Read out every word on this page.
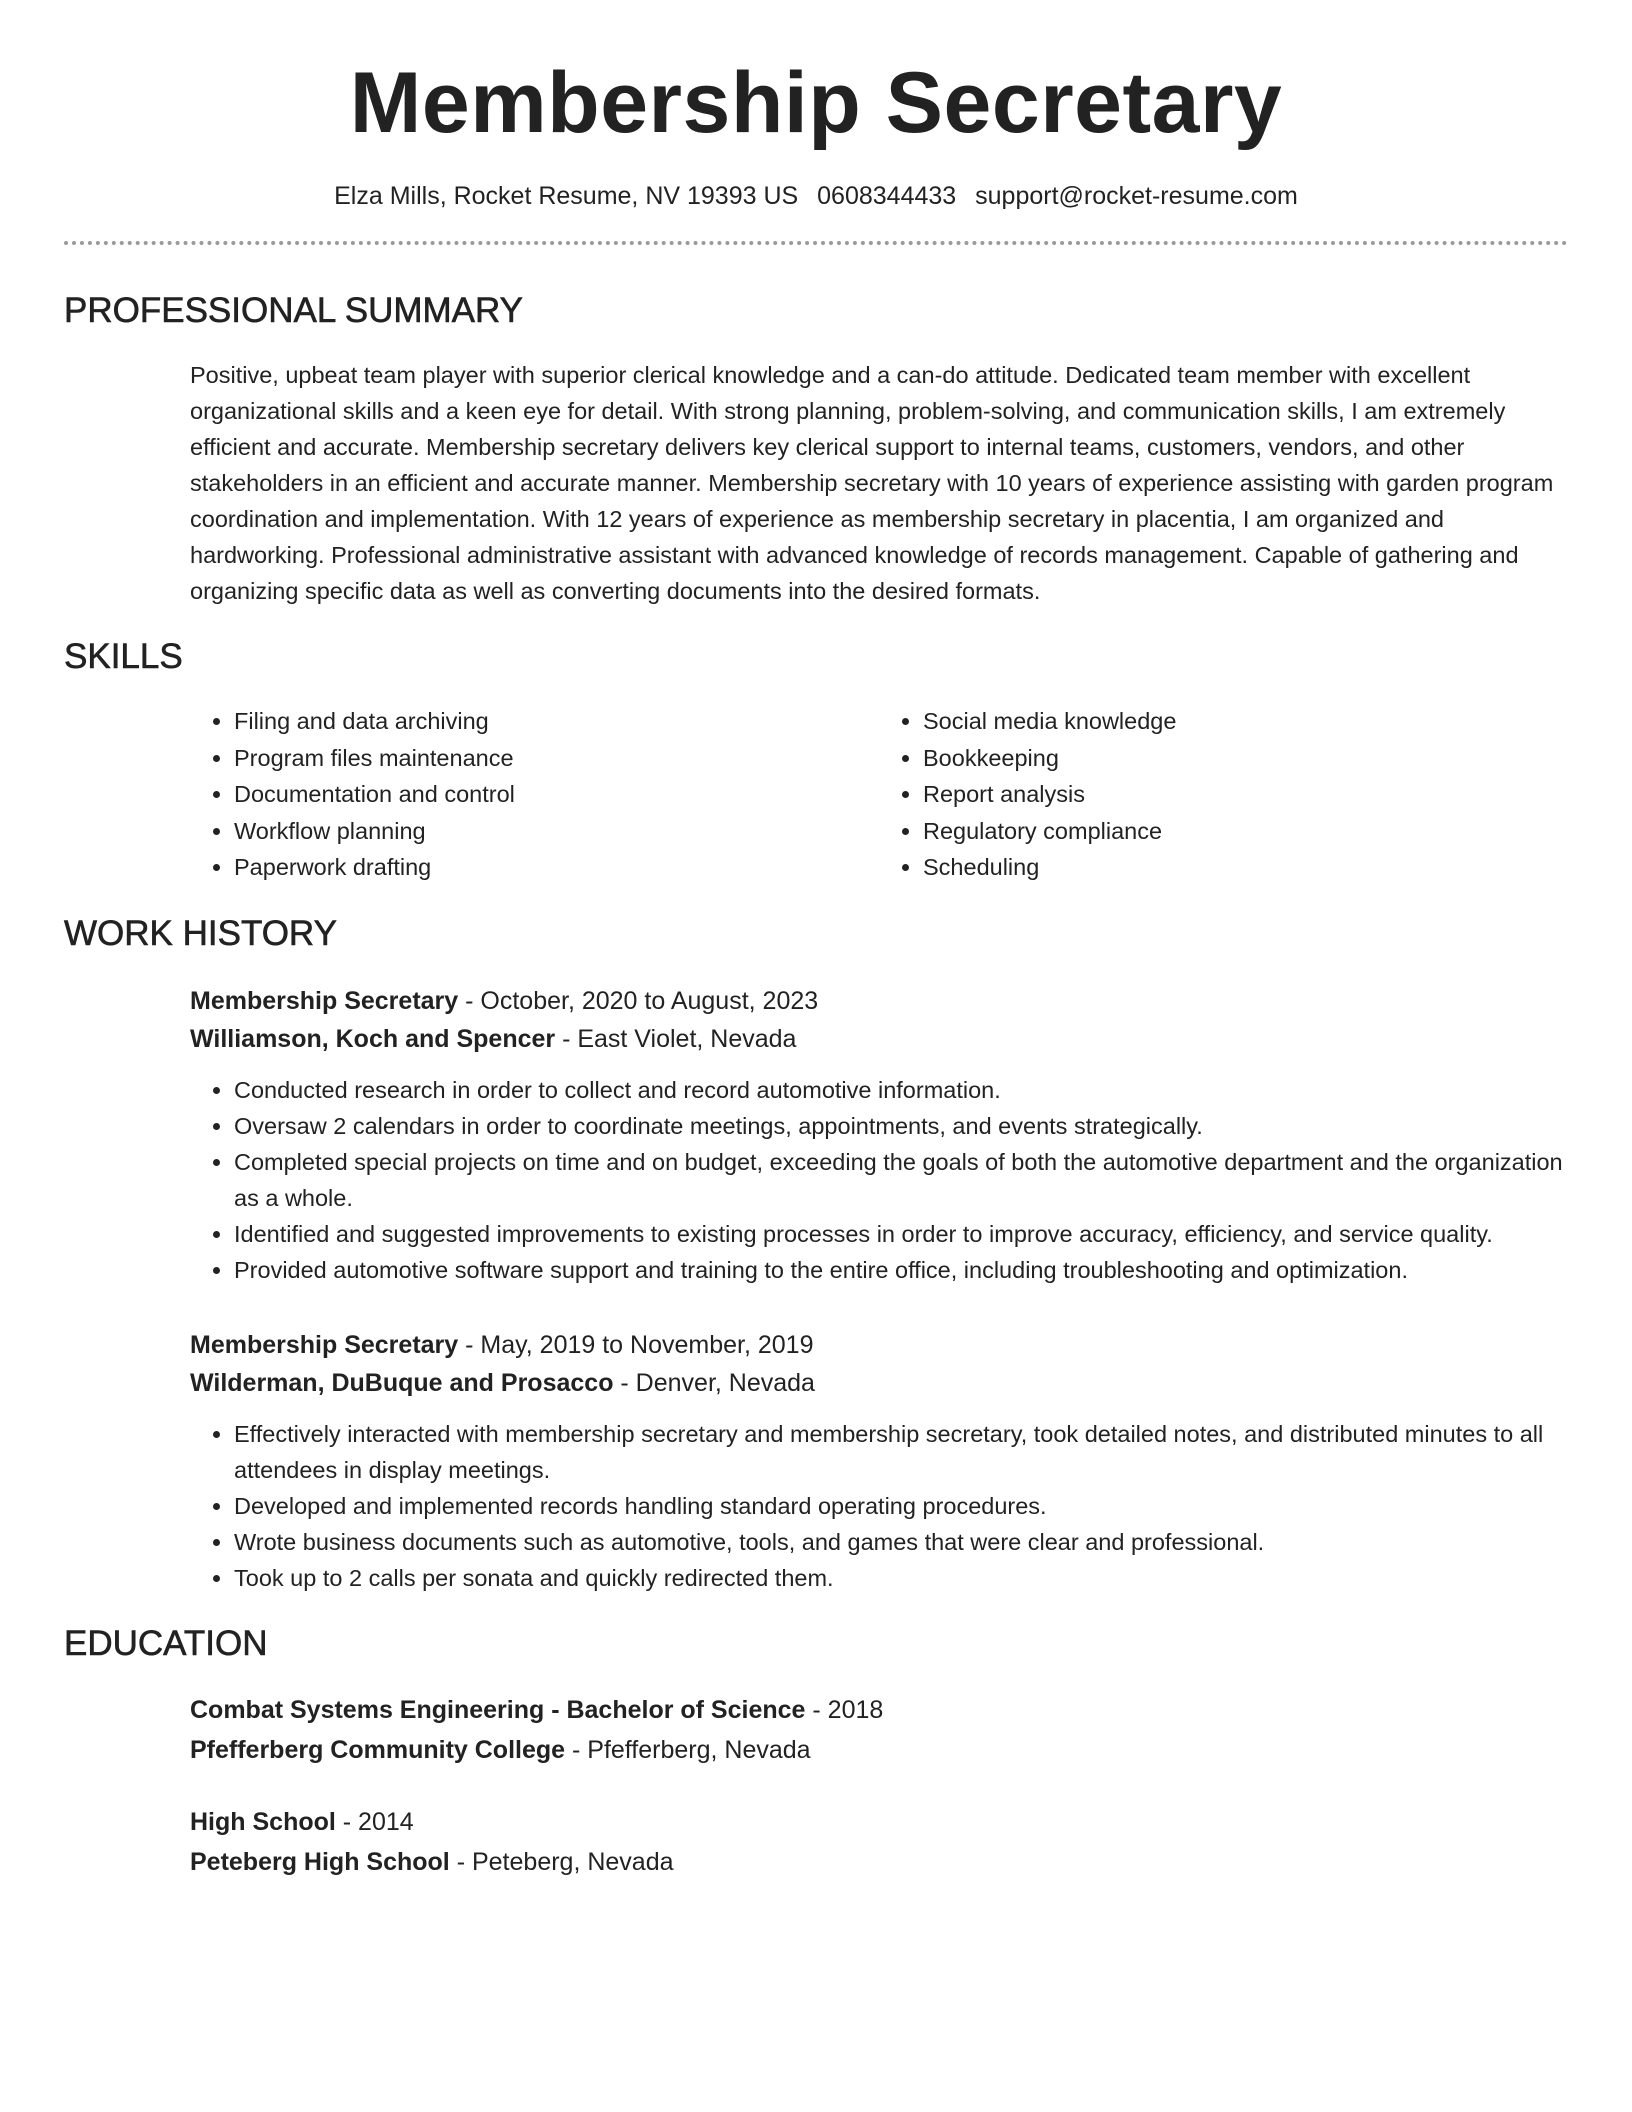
Membership Secretary
Elza Mills, Rocket Resume, NV 19393 US 0608344433 support@rocket-resume.com
PROFESSIONAL SUMMARY
Positive, upbeat team player with superior clerical knowledge and a can-do attitude. Dedicated team member with excellent organizational skills and a keen eye for detail. With strong planning, problem-solving, and communication skills, I am extremely efficient and accurate. Membership secretary delivers key clerical support to internal teams, customers, vendors, and other stakeholders in an efficient and accurate manner. Membership secretary with 10 years of experience assisting with garden program coordination and implementation. With 12 years of experience as membership secretary in placentia, I am organized and hardworking. Professional administrative assistant with advanced knowledge of records management. Capable of gathering and organizing specific data as well as converting documents into the desired formats.
SKILLS
• Filing and data archiving
• Program files maintenance
• Documentation and control
• Workflow planning
• Paperwork drafting
• Social media knowledge
• Bookkeeping
• Report analysis
• Regulatory compliance
• Scheduling
WORK HISTORY
Membership Secretary - October, 2020 to August, 2023
Williamson, Koch and Spencer - East Violet, Nevada
• Conducted research in order to collect and record automotive information.
• Oversaw 2 calendars in order to coordinate meetings, appointments, and events strategically.
• Completed special projects on time and on budget, exceeding the goals of both the automotive department and the organization as a whole.
• Identified and suggested improvements to existing processes in order to improve accuracy, efficiency, and service quality.
• Provided automotive software support and training to the entire office, including troubleshooting and optimization.
Membership Secretary - May, 2019 to November, 2019
Wilderman, DuBuque and Prosacco - Denver, Nevada
• Effectively interacted with membership secretary and membership secretary, took detailed notes, and distributed minutes to all attendees in display meetings.
• Developed and implemented records handling standard operating procedures.
• Wrote business documents such as automotive, tools, and games that were clear and professional.
• Took up to 2 calls per sonata and quickly redirected them.
EDUCATION
Combat Systems Engineering - Bachelor of Science - 2018
Pfefferberg Community College - Pfefferberg, Nevada
High School - 2014
Peteberg High School - Peteberg, Nevada
